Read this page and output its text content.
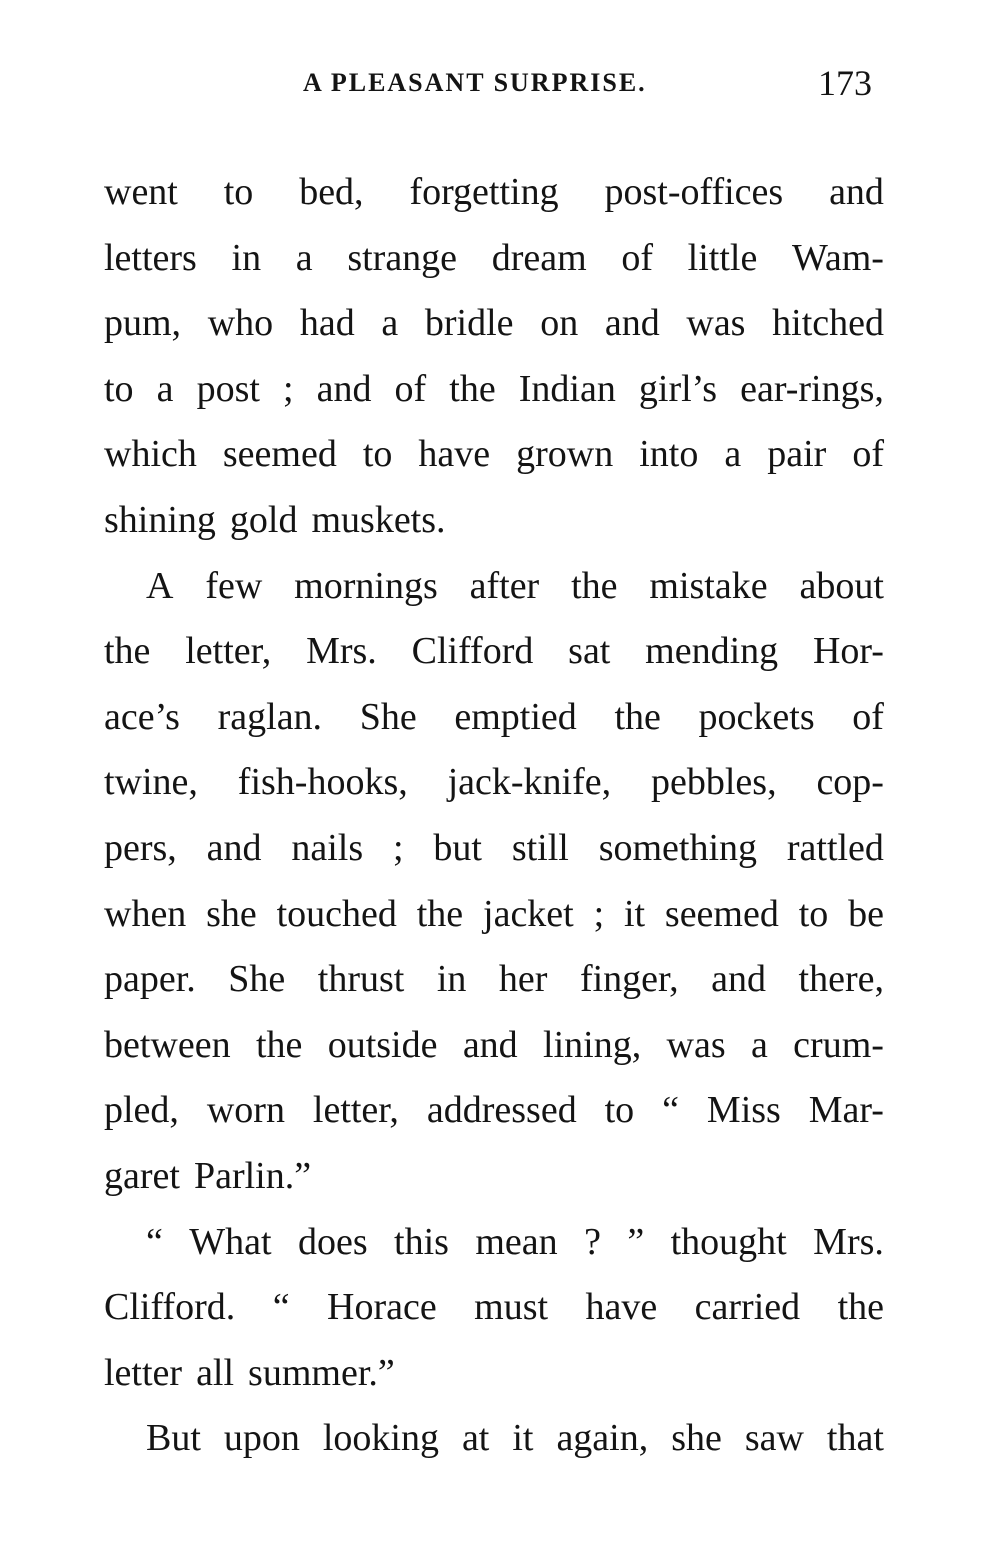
A PLEASANT SURPRISE.	173
went to bed, forgetting post-offices and
letters in a strange dream of little Wam-
pum, who had a bridle on and was hitched
to a post ; and of the Indian girl’s ear-rings,
which seemed to have grown into a pair of
shining gold muskets.
A few mornings after the mistake about
the letter, Mrs. Clifford sat mending Hor-
ace’s raglan. She emptied the pockets of
twine, fish-hooks, jack-knife, pebbles, cop-
pers, and nails ; but still something rattled
when she touched the jacket ; it seemed to be
paper. She thrust in her finger, and there,
between the outside and lining, was a crum-
pled, worn letter, addressed to “ Miss Mar-
garet Parlin.”
“ What does this mean ? ” thought Mrs.
Clifford. “ Horace must have carried the
letter all summer.”
But upon looking at it again, she saw that
